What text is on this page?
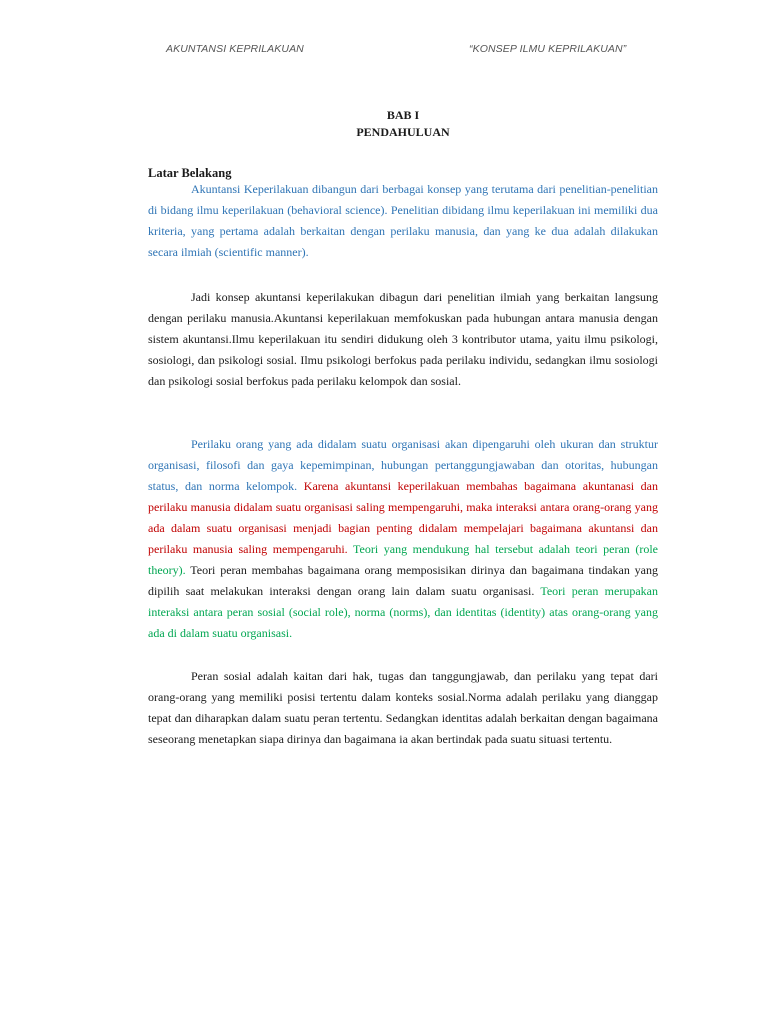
AKUNTANSI KEPRILAKUAN	“KONSEP ILMU KEPRILAKUAN”
BAB I
PENDAHULUAN
Latar Belakang

Akuntansi Keperilakuan dibangun dari berbagai konsep yang terutama dari penelitian-penelitian di bidang ilmu keperilakuan (behavioral science). Penelitian dibidang ilmu keperilakuan ini memiliki dua kriteria, yang pertama adalah berkaitan dengan perilaku manusia, dan yang ke dua adalah dilakukan secara ilmiah (scientific manner).

Jadi konsep akuntansi keperilakukan dibagun dari penelitian ilmiah yang berkaitan langsung dengan perilaku manusia.Akuntansi keperilakuan memfokuskan pada hubungan antara manusia dengan sistem akuntansi.Ilmu keperilakuan itu sendiri didukung oleh 3 kontributor utama, yaitu ilmu psikologi, sosiologi, dan psikologi sosial. Ilmu psikologi berfokus pada perilaku individu, sedangkan ilmu sosiologi dan psikologi sosial berfokus pada perilaku kelompok dan sosial.

Perilaku orang yang ada didalam suatu organisasi akan dipengaruhi oleh ukuran dan struktur organisasi, filosofi dan gaya kepemimpinan, hubungan pertanggungjawaban dan otoritas, hubungan status, dan norma kelompok. Karena akuntansi keperilakuan membahas bagaimana akuntanasi dan perilaku manusia didalam suatu organisasi saling mempengaruhi, maka interaksi antara orang-orang yang ada dalam suatu organisasi menjadi bagian penting didalam mempelajari bagaimana akuntansi dan perilaku manusia saling mempengaruhi. Teori yang mendukung hal tersebut adalah teori peran (role theory). Teori peran membahas bagaimana orang memposisikan dirinya dan bagaimana tindakan yang dipilih saat melakukan interaksi dengan orang lain dalam suatu organisasi. Teori peran merupakan interaksi antara peran sosial (social role), norma (norms), dan identitas (identity) atas orang-orang yang ada di dalam suatu organisasi.

Peran sosial adalah kaitan dari hak, tugas dan tanggungjawab, dan perilaku yang tepat dari orang-orang yang memiliki posisi tertentu dalam konteks sosial.Norma adalah perilaku yang dianggap tepat dan diharapkan dalam suatu peran tertentu. Sedangkan identitas adalah berkaitan dengan bagaimana seseorang menetapkan siapa dirinya dan bagaimana ia akan bertindak pada suatu situasi tertentu.
